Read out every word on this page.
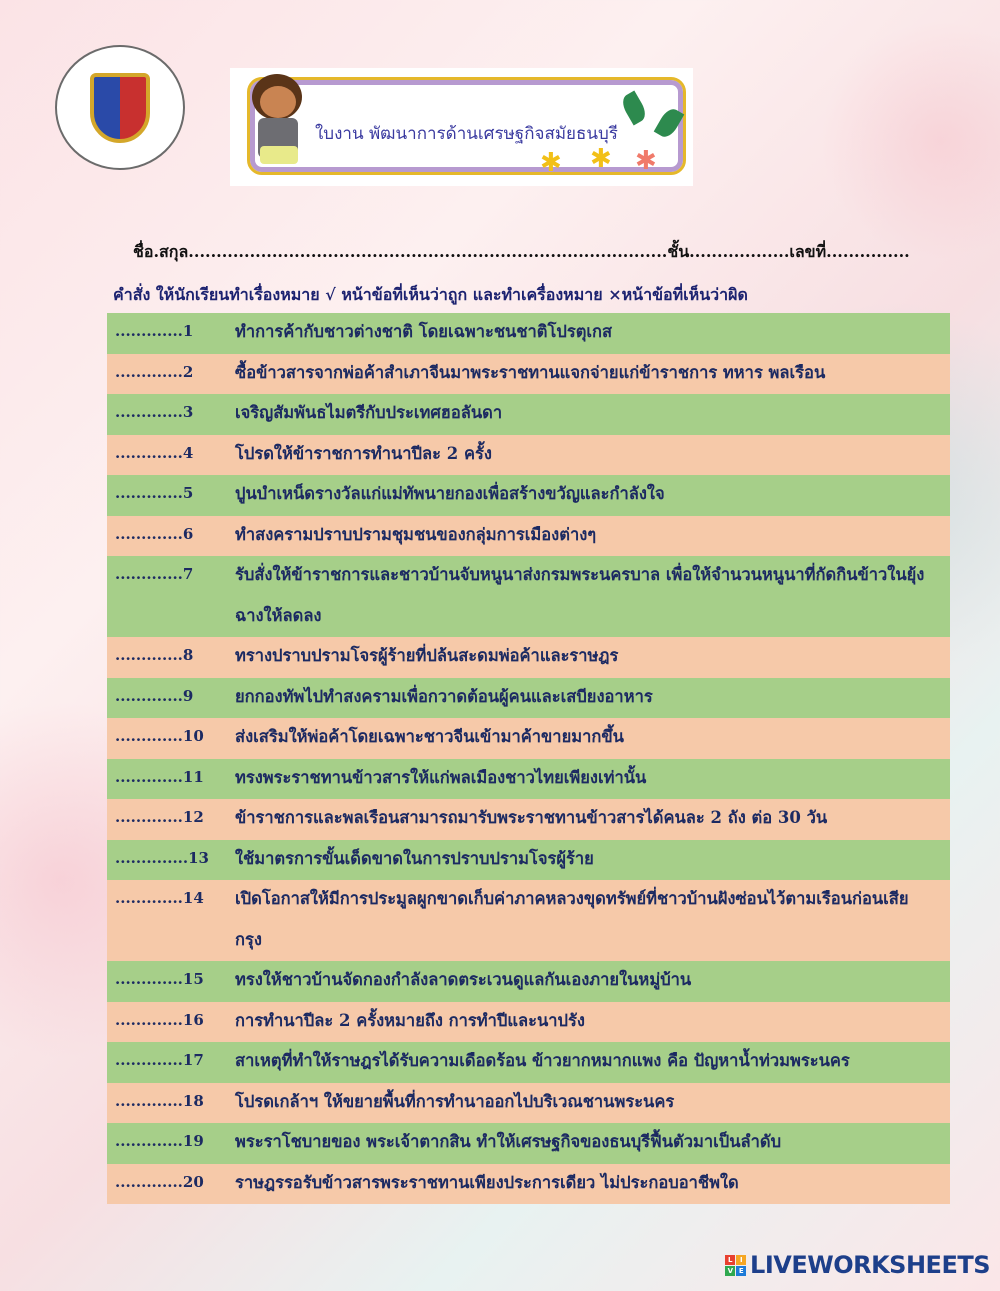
ใบงาน พัฒนาการด้านเศรษฐกิจสมัยธนบุรี
✱ ✱ ✱
ชื่อ.สกุล......................................................................................ชั้น..................เลขที่...............
คำสั่ง ให้นักเรียนทำเรื่องหมาย √ หน้าข้อที่เห็นว่าถูก และทำเครื่องหมาย ×หน้าข้อที่เห็นว่าผิด
.............1	ทำการค้ากับชาวต่างชาติ โดยเฉพาะชนชาติโปรตุเกส
.............2	ซื้อข้าวสารจากพ่อค้าสำเภาจีนมาพระราชทานแจกจ่ายแก่ข้าราชการ ทหาร พลเรือน
.............3	เจริญสัมพันธไมตรีกับประเทศฮอลันดา
.............4	โปรดให้ข้าราชการทำนาปีละ 2 ครั้ง
.............5	ปูนบำเหน็ดรางวัลแก่แม่ทัพนายกองเพื่อสร้างขวัญและกำลังใจ
.............6	ทำสงครามปราบปรามชุมชนของกลุ่มการเมืองต่างๆ
.............7	รับสั่งให้ข้าราชการและชาวบ้านจับหนูนาส่งกรมพระนครบาล เพื่อให้จำนวนหนูนาที่กัดกินข้าวในยุ้งฉางให้ลดลง
.............8	ทรางปราบปรามโจรผู้ร้ายที่ปล้นสะดมพ่อค้าและราษฎร
.............9	ยกกองทัพไปทำสงครามเพื่อกวาดต้อนผู้คนและเสบียงอาหาร
.............10	ส่งเสริมให้พ่อค้าโดยเฉพาะชาวจีนเข้ามาค้าขายมากขึ้น
.............11	ทรงพระราชทานข้าวสารให้แก่พลเมืองชาวไทยเพียงเท่านั้น
.............12	ข้าราชการและพลเรือนสามารถมารับพระราชทานข้าวสารได้คนละ 2 ถัง ต่อ 30 วัน
..............13	ใช้มาตรการขั้นเด็ดขาดในการปราบปรามโจรผู้ร้าย
.............14	เปิดโอกาสให้มีการประมูลผูกขาดเก็บค่าภาคหลวงขุดทรัพย์ที่ชาวบ้านฝังซ่อนไว้ตามเรือนก่อนเสียกรุง
.............15	ทรงให้ชาวบ้านจัดกองกำลังลาดตระเวนดูแลกันเองภายในหมู่บ้าน
.............16	การทำนาปีละ 2 ครั้งหมายถึง การทำปีและนาปรัง
.............17	สาเหตุที่ทำให้ราษฎรได้รับความเดือดร้อน ข้าวยากหมากแพง คือ ปัญหาน้ำท่วมพระนคร
.............18	โปรดเกล้าฯ ให้ขยายพื้นที่การทำนาออกไปบริเวณชานพระนคร
.............19	พระราโชบายของ พระเจ้าตากสิน ทำให้เศรษฐกิจของธนบุรีฟื้นตัวมาเป็นลำดับ
.............20	ราษฎรรอรับข้าวสารพระราชทานเพียงประการเดียว ไม่ประกอบอาชีพใด
L	I
V E LIVEWORKSHEETS
